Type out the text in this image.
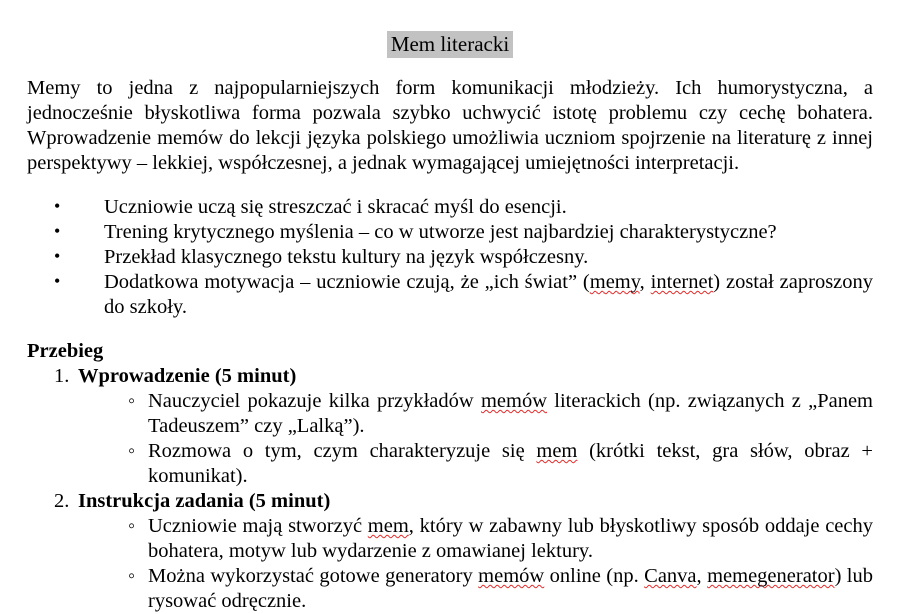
Mem literacki

Memy to jedna z najpopularniejszych form komunikacji młodzieży. Ich humorystyczna, a jednocześnie błyskotliwa forma pozwala szybko uchwycić istotę problemu czy cechę bohatera. Wprowadzenie memów do lekcji języka polskiego umożliwia uczniom spojrzenie na literaturę z innej perspektywy – lekkiej, współczesnej, a jednak wymagającej umiejętności interpretacji.

• Uczniowie uczą się streszczać i skracać myśl do esencji.
• Trening krytycznego myślenia – co w utworze jest najbardziej charakterystyczne?
• Przekład klasycznego tekstu kultury na język współczesny.
• Dodatkowa motywacja – uczniowie czują, że „ich świat” (memy, internet) został zaproszony do szkoły.
Przebieg
1. Wprowadzenie (5 minut)
◦ Nauczyciel pokazuje kilka przykładów memów literackich (np. związanych z „Panem Tadeuszem” czy „Lalką”).
◦ Rozmowa o tym, czym charakteryzuje się mem (krótki tekst, gra słów, obraz + komunikat).
2. Instrukcja zadania (5 minut)
◦ Uczniowie mają stworzyć mem, który w zabawny lub błyskotliwy sposób oddaje cechy bohatera, motyw lub wydarzenie z omawianej lektury.
◦ Można wykorzystać gotowe generatory memów online (np. Canva, memegenerator) lub rysować odręcznie.
